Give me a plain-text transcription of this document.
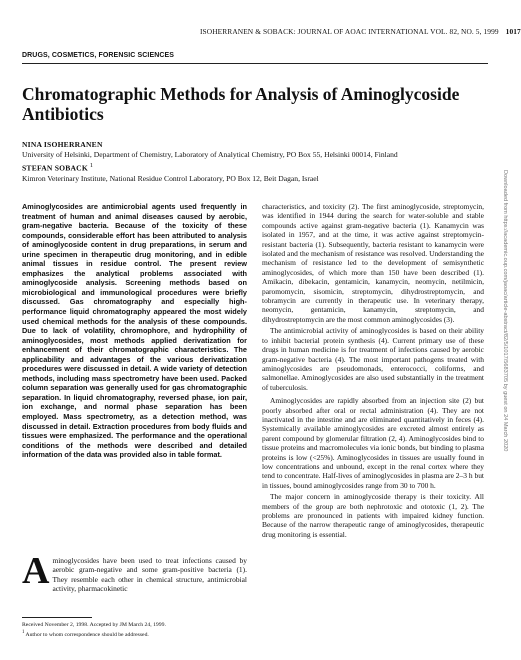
ISOHERRANEN & SOBACK: JOURNAL OF AOAC INTERNATIONAL VOL. 82, NO. 5, 1999 1017
DRUGS, COSMETICS, FORENSIC SCIENCES
Chromatographic Methods for Analysis of Aminoglycoside Antibiotics
NINA ISOHERRANEN
University of Helsinki, Department of Chemistry, Laboratory of Analytical Chemistry, PO Box 55, Helsinki 00014, Finland
STEFAN SOBACK $^1$
Kimron Veterinary Institute, National Residue Control Laboratory, PO Box 12, Beit Dagan, Israel	Downloaded from https://academic.oup.com/jaoac/article-abstract/82/5/1017/5683705 by guest on 24 March 2020

Aminoglycosides are antimicrobial agents used frequently in treatment of human and animal diseases caused by aerobic, gram-negative bacteria. Because of the toxicity of these compounds, considerable effort has been attributed to analysis of aminoglycoside content in drug preparations, in serum and urine specimen in therapeutic drug monitoring, and in edible animal tissues in residue control. The present review emphasizes the analytical problems associated with aminoglycoside analysis. Screening methods based on microbiological and immunological procedures were briefly discussed. Gas chromatography and especially high-performance liquid chromatography appeared the most widely used chemical methods for the analysis of these compounds. Due to lack of volatility, chromophore, and hydrophility of aminoglycosides, most methods applied derivatization for enhancement of their chromatographic characteristics. The applicability and advantages of the various derivatization procedures were discussed in detail. A wide variety of detection methods, including mass spectrometry have been used. Packed column separation was generally used for gas chromatographic separation. In liquid chromatography, reversed phase, ion pair, ion exchange, and normal phase separation has been employed. Mass spectrometry, as a detection method, was discussed in detail. Extraction procedures from body fluids and tissues were emphasized. The performance and the operational conditions of the methods were described and detailed information of the data was provided also in table format.

Aminoglycosides have been used to treat infections caused by aerobic gram-negative and some gram-positive bacteria (1). They resemble each other in chemical structure, antimicrobial activity, pharmacokinetic

Received November 2, 1998. Accepted by JM March 24, 1999.
$^1$ Author to whom correspondence should be addressed.

characteristics, and toxicity (2). The first aminoglycoside, streptomycin, was identified in 1944 during the search for water-soluble and stable compounds active against gram-negative bacteria (1). Kanamycin was isolated in 1957, and at the time, it was active against streptomycin-resistant bacteria (1). Subsequently, bacteria resistant to kanamycin were isolated and the mechanism of resistance was resolved. Understanding the mechanism of resistance led to the development of semisynthetic aminoglycosides, of which more than 150 have been described (1). Amikacin, dibekacin, gentamicin, kanamycin, neomycin, netilmicin, paromomycin, sisomicin, streptomycin, dihydrostreptomycin, and tobramycin are currently in therapeutic use. In veterinary therapy, neomycin, gentamicin, kanamycin, streptomycin, and dihydrostreptomycin are the most common aminoglycosides (3).

The antimicrobial activity of aminoglycosides is based on their ability to inhibit bacterial protein synthesis (4). Current primary use of these drugs in human medicine is for treatment of infections caused by aerobic gram-negative bacteria (4). The most important pathogens treated with aminoglycosides are pseudomonads, enterococci, coliforms, and salmonellae. Aminoglycosides are also used substantially in the treatment of tuberculosis.

Aminoglycosides are rapidly absorbed from an injection site (2) but poorly absorbed after oral or rectal administration (4). They are not inactivated in the intestine and are eliminated quantitatively in feces (4). Systemically available aminoglycosides are excreted almost entirely as parent compound by glomerular filtration (2, 4). Aminoglycosides bind to tissue proteins and macromolecules via ionic bonds, but binding to plasma proteins is low (<25%). Aminoglycosides in tissues are usually found in low concentrations and unbound, except in the renal cortex where they tend to concentrate. Half-lives of aminoglycosides in plasma are 2–3 h but in tissues, bound aminoglycosides range from 30 to 700 h.

The major concern in aminoglycoside therapy is their toxicity. All members of the group are both nephrotoxic and ototoxic (1, 2). The problems are pronounced in patients with impaired kidney function. Because of the narrow therapeutic range of aminoglycosides, therapeutic drug monitoring is essential.
